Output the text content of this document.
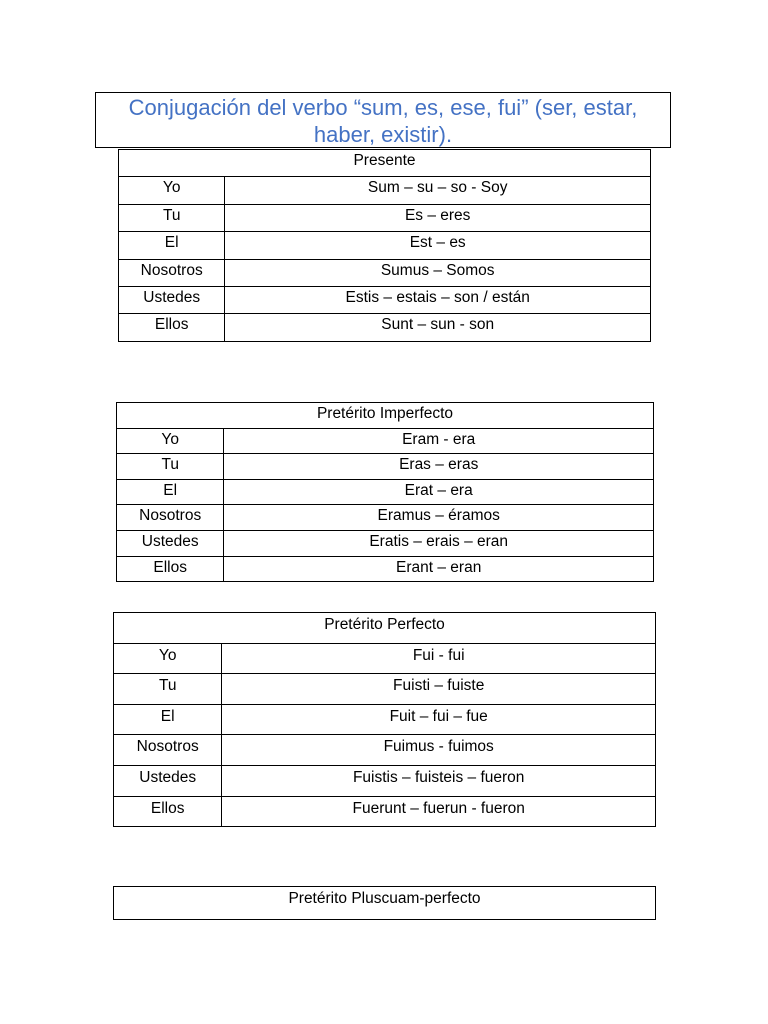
Conjugación del verbo “sum, es, ese, fui” (ser, estar,
haber, existir).
Presente	
Yo	Sum – su – so - Soy
Tu	Es – eres
El	Est – es
Nosotros	Sumus – Somos
Ustedes	Estis – estais – son / están
Ellos	Sunt – sun - son
Pretérito Imperfecto	
Yo	Eram - era
Tu	Eras – eras
El	Erat – era
Nosotros	Eramus – éramos
Ustedes	Eratis – erais – eran
Ellos	Erant – eran
Pretérito Perfecto	
Yo	Fui - fui
Tu	Fuisti – fuiste
El	Fuit – fui – fue
Nosotros	Fuimus - fuimos
Ustedes	Fuistis – fuisteis – fueron
Ellos	Fuerunt – fuerun - fueron
Pretérito Pluscuam-perfecto
